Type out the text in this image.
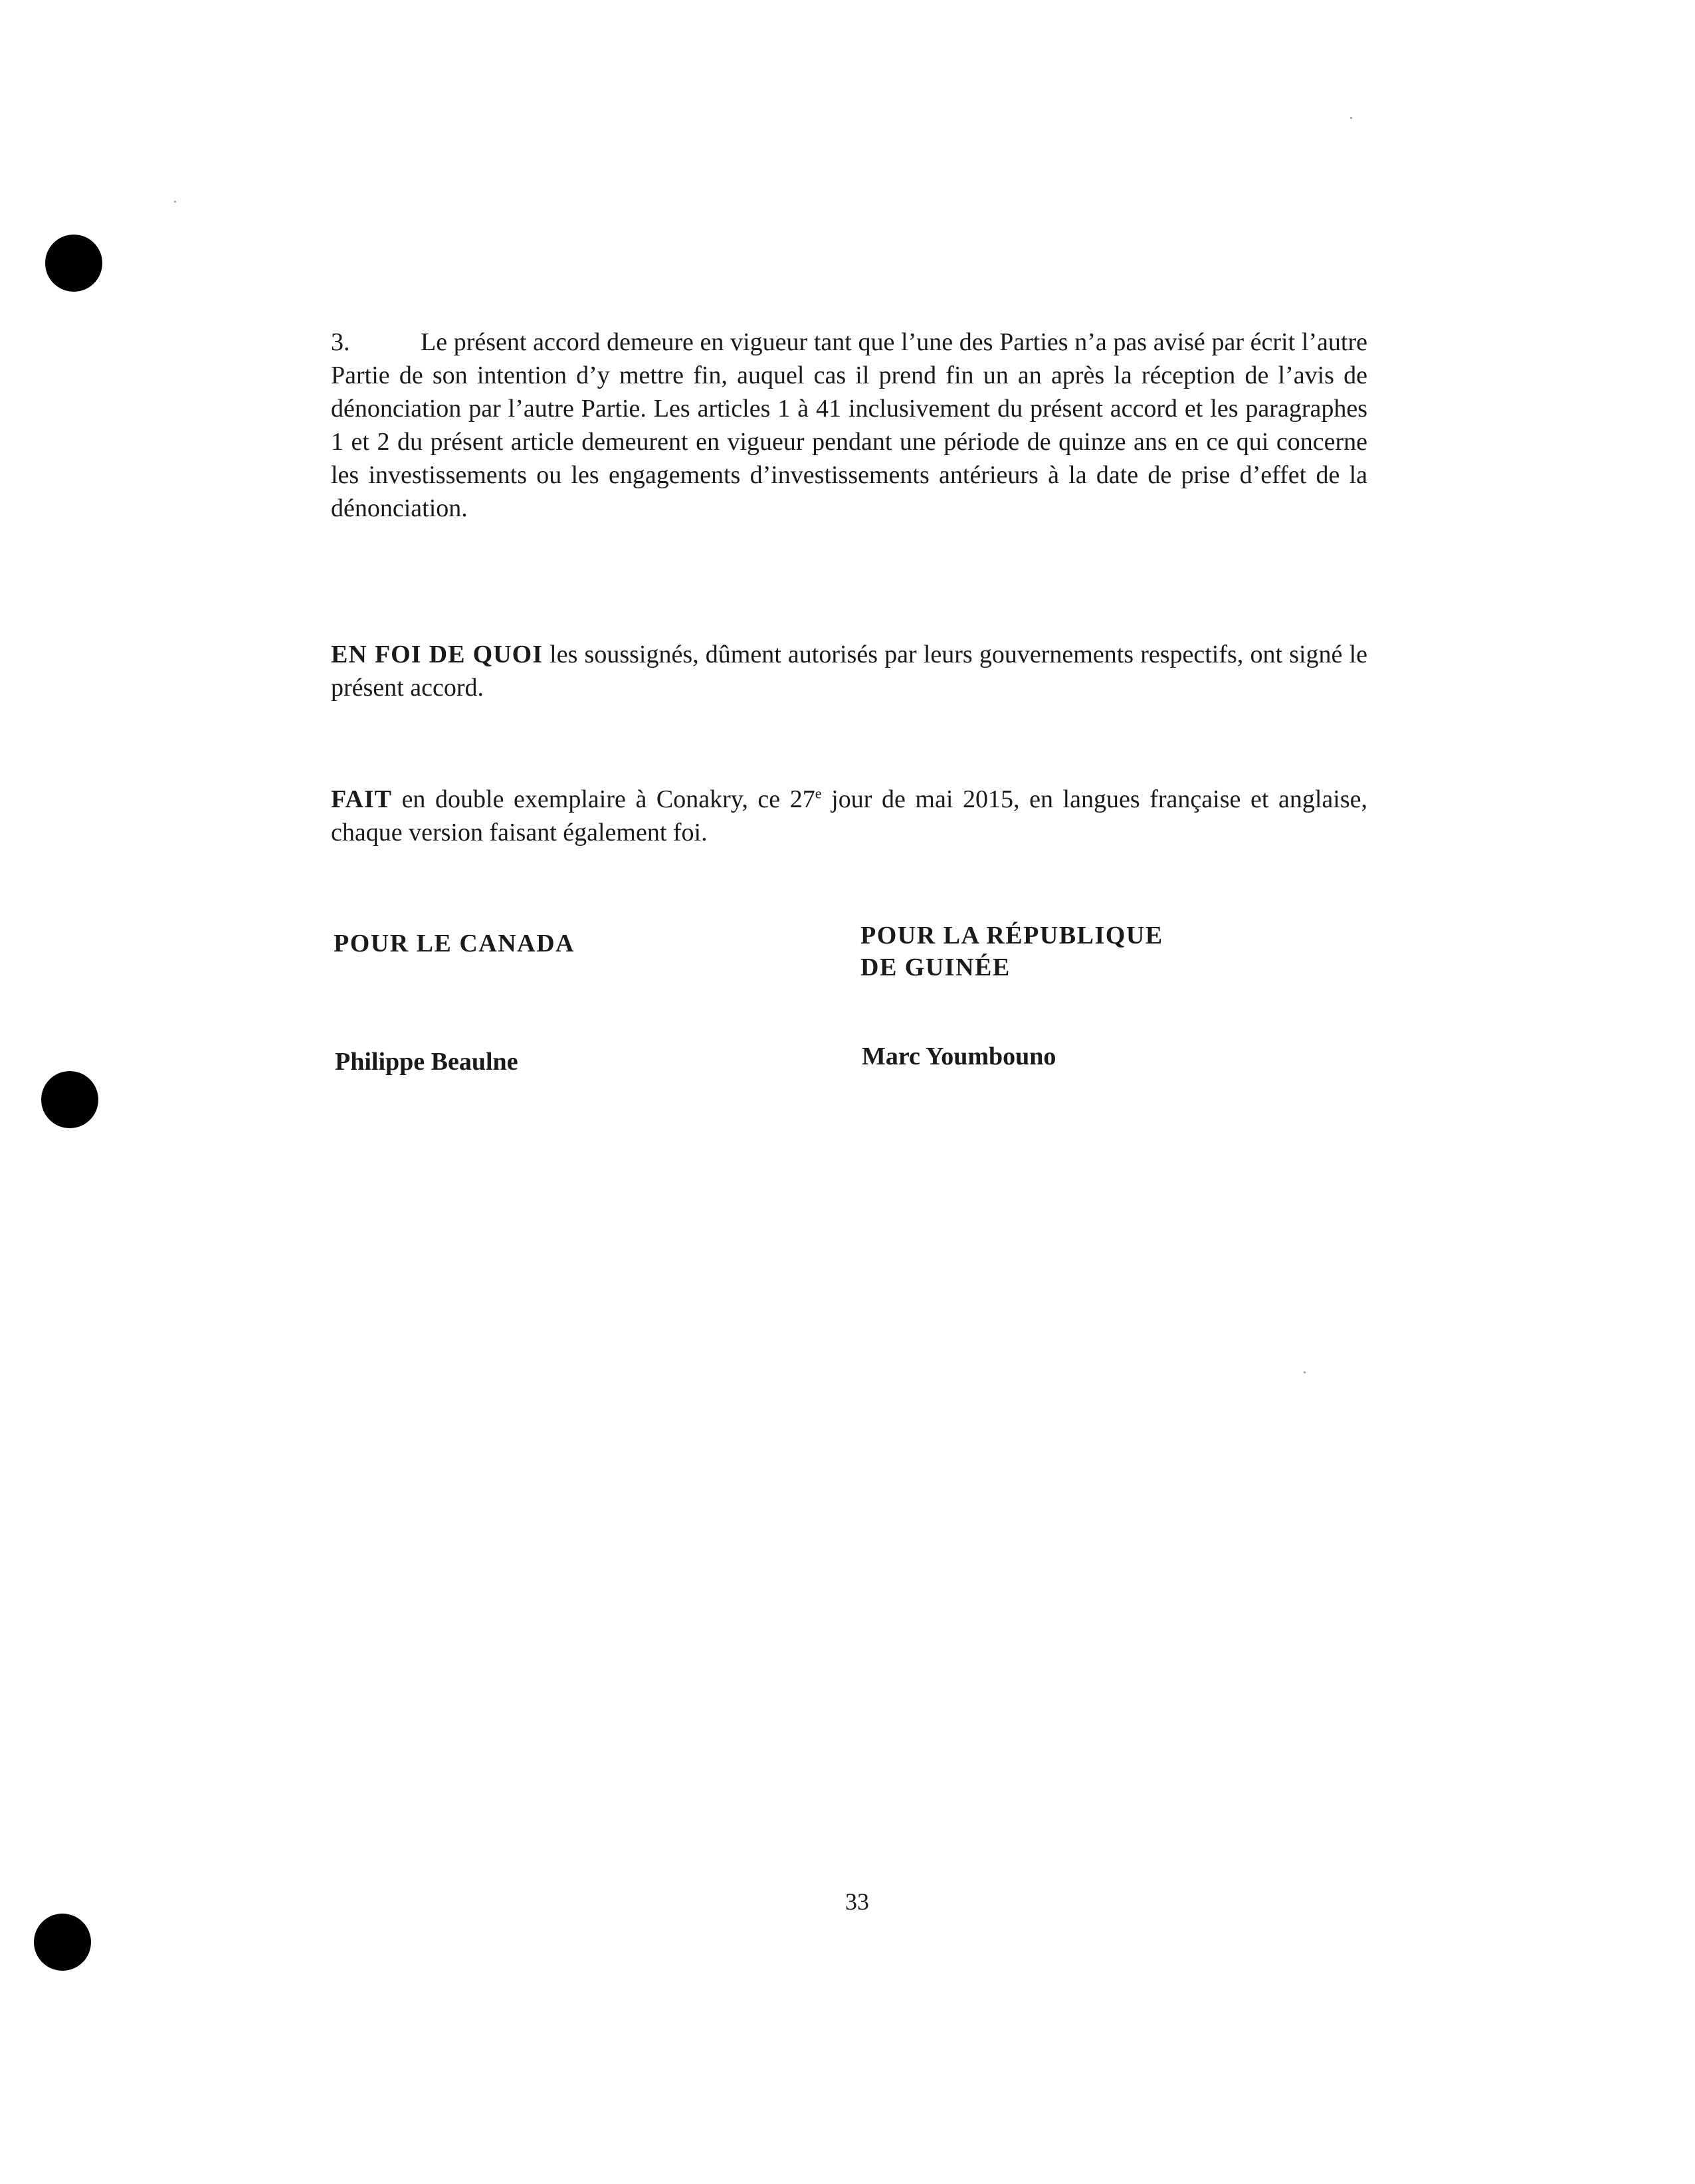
3.	Le présent accord demeure en vigueur tant que l’une des Parties n’a pas avisé par écrit l’autre Partie de son intention d’y mettre fin, auquel cas il prend fin un an après la réception de l’avis de dénonciation par l’autre Partie. Les articles 1 à 41 inclusivement du présent accord et les paragraphes 1 et 2 du présent article demeurent en vigueur pendant une période de quinze ans en ce qui concerne les investissements ou les engagements d’investissements antérieurs à la date de prise d’effet de la dénonciation.
EN FOI DE QUOI les soussignés, dûment autorisés par leurs gouvernements respectifs, ont signé le présent accord.
FAIT en double exemplaire à Conakry, ce 27e jour de mai 2015, en langues française et anglaise, chaque version faisant également foi.
POUR LE CANADA	POUR LA RÉPUBLIQUE
DE GUINÉE
Philippe Beaulne	Marc Youmbouno
33
